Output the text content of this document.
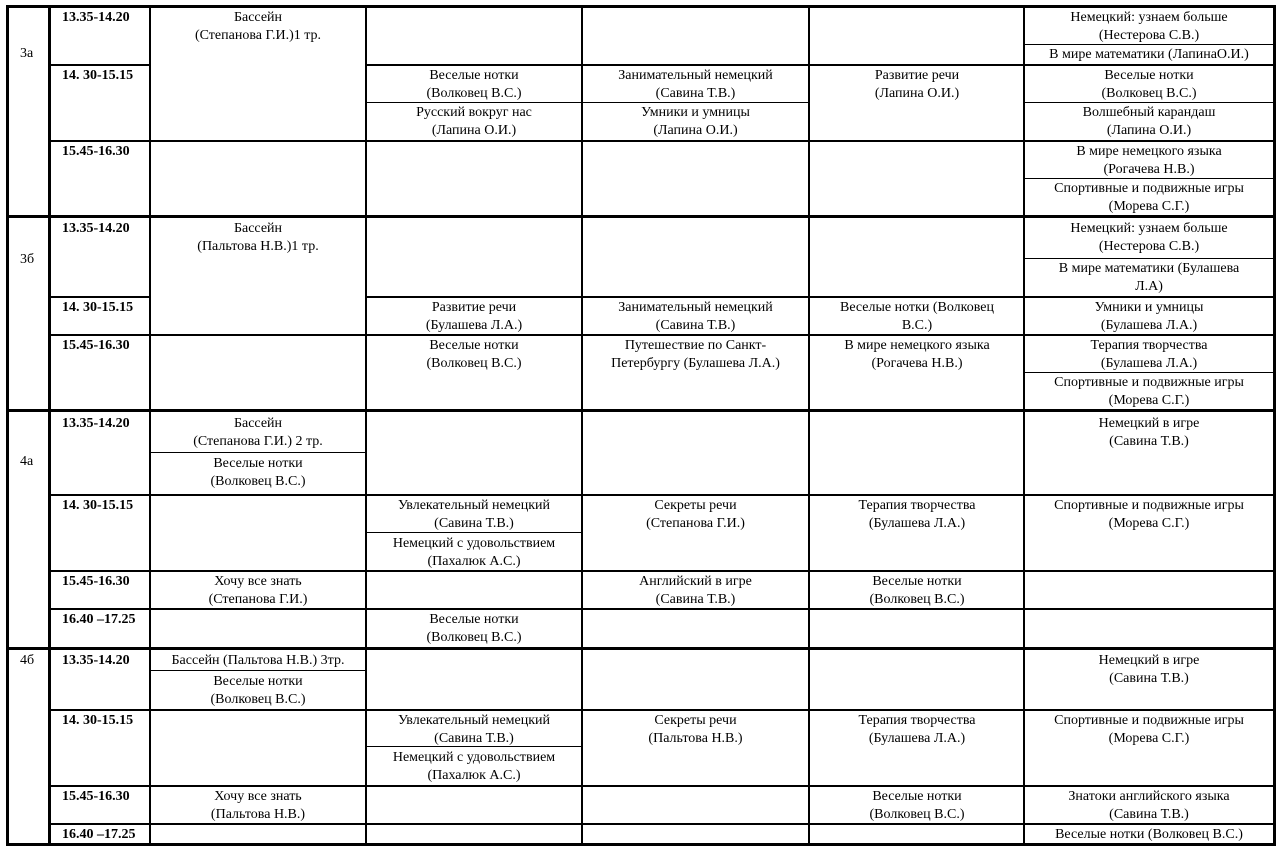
3а
3б
4а
4б
13.35-14.20
14. 30-15.15
15.45-16.30
13.35-14.20
14. 30-15.15
15.45-16.30
13.35-14.20
14. 30-15.15
15.45-16.30
16.40 –17.25
13.35-14.20
14. 30-15.15
15.45-16.30
16.40 –17.25
Бассейн
(Степанова Г.И.)1 тр.
Немецкий: узнаем больше
(Нестерова С.В.)
В мире математики (ЛапинаО.И.)
Веселые нотки
(Волковец В.С.)
Русский вокруг нас
(Лапина О.И.)
Занимательный немецкий
(Савина Т.В.)
Умники и умницы
(Лапина О.И.)
Развитие речи
(Лапина О.И.)
Веселые нотки
(Волковец В.С.)
Волшебный карандаш
(Лапина О.И.)
В мире немецкого языка
(Рогачева Н.В.)
Спортивные и подвижные игры
(Морева С.Г.)
Бассейн
(Пальтова Н.В.)1 тр.
Немецкий: узнаем больше
(Нестерова С.В.)
В мире математики (Булашева
Л.А)
Развитие речи
(Булашева Л.А.)
Занимательный немецкий
(Савина Т.В.)
Веселые нотки (Волковец
В.С.)
Умники и умницы
(Булашева Л.А.)
Веселые нотки
(Волковец В.С.)
Путешествие по Санкт-
Петербургу (Булашева Л.А.)
В мире немецкого языка
(Рогачева Н.В.)
Терапия творчества
(Булашева Л.А.)
Спортивные и подвижные игры
(Морева С.Г.)
Бассейн
(Степанова Г.И.) 2 тр.
Веселые нотки
(Волковец В.С.)
Немецкий в игре
(Савина Т.В.)
Увлекательный немецкий
(Савина Т.В.)
Немецкий с удовольствием
(Пахалюк А.С.)
Секреты речи
(Степанова Г.И.)
Терапия творчества
(Булашева Л.А.)
Спортивные и подвижные игры
(Морева С.Г.)
Хочу все знать
(Степанова Г.И.)
Английский в игре
(Савина Т.В.)
Веселые нотки
(Волковец В.С.)
Веселые нотки
(Волковец В.С.)
Бассейн (Пальтова Н.В.) 3тр.
Веселые нотки
(Волковец В.С.)
Немецкий в игре
(Савина Т.В.)
Увлекательный немецкий
(Савина Т.В.)
Немецкий с удовольствием
(Пахалюк А.С.)
Секреты речи
(Пальтова Н.В.)
Терапия творчества
(Булашева Л.А.)
Спортивные и подвижные игры
(Морева С.Г.)
Хочу все знать
(Пальтова Н.В.)
Веселые нотки
(Волковец В.С.)
Знатоки английского языка
(Савина Т.В.)
Веселые нотки (Волковец В.С.)
